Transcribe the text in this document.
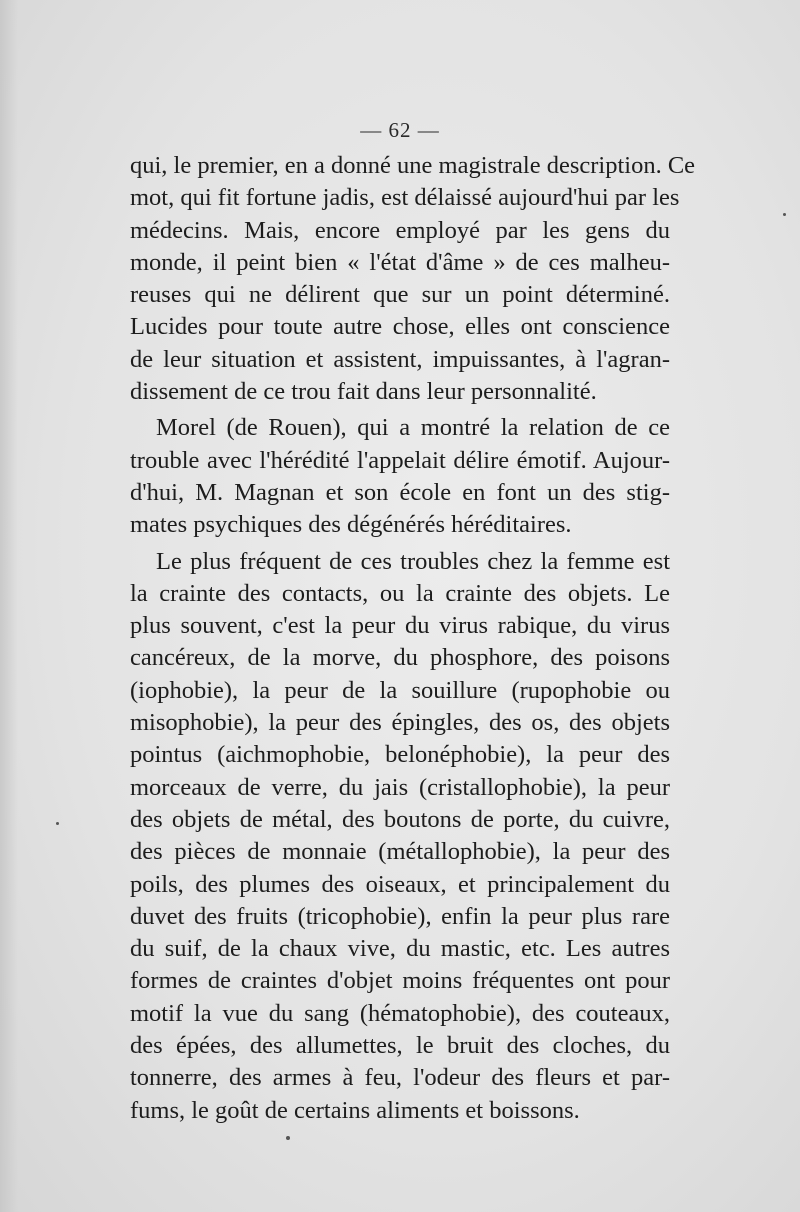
— 62 —
qui, le premier, en a donné une magistrale description. Ce
mot, qui fit fortune jadis, est délaissé aujourd'hui par les
médecins. Mais, encore employé par les gens du
monde, il peint bien « l'état d'âme » de ces malheu-
reuses qui ne délirent que sur un point déterminé.
Lucides pour toute autre chose, elles ont conscience
de leur situation et assistent, impuissantes, à l'agran-
dissement de ce trou fait dans leur personnalité.
Morel (de Rouen), qui a montré la relation de ce
trouble avec l'hérédité l'appelait délire émotif. Aujour-
d'hui, M. Magnan et son école en font un des stig-
mates psychiques des dégénérés héréditaires.
Le plus fréquent de ces troubles chez la femme est
la crainte des contacts, ou la crainte des objets. Le
plus souvent, c'est la peur du virus rabique, du virus
cancéreux, de la morve, du phosphore, des poisons
(iophobie), la peur de la souillure (rupophobie ou
misophobie), la peur des épingles, des os, des objets
pointus (aichmophobie, belonéphobie), la peur des
morceaux de verre, du jais (cristallophobie), la peur
des objets de métal, des boutons de porte, du cuivre,
des pièces de monnaie (métallophobie), la peur des
poils, des plumes des oiseaux, et principalement du
duvet des fruits (tricophobie), enfin la peur plus rare
du suif, de la chaux vive, du mastic, etc. Les autres
formes de craintes d'objet moins fréquentes ont pour
motif la vue du sang (hématophobie), des couteaux,
des épées, des allumettes, le bruit des cloches, du
tonnerre, des armes à feu, l'odeur des fleurs et par-
fums, le goût de certains aliments et boissons.
